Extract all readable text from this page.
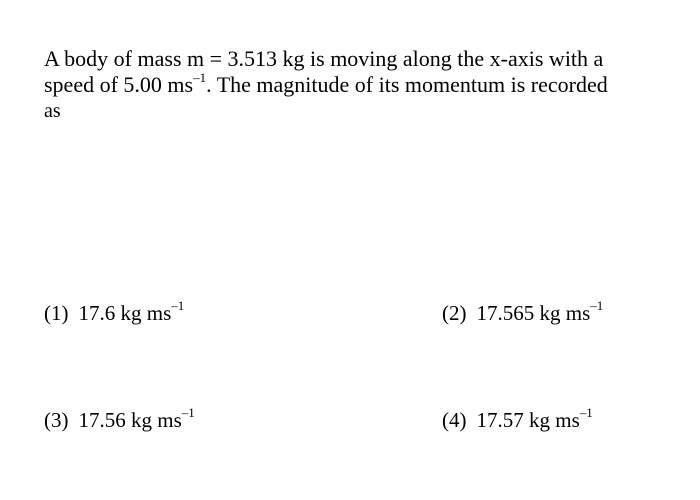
A body of mass m = 3.513 kg is moving along the x-axis with a
speed of 5.00 $ms^{-1}$. The magnitude of its momentum is recorded
as
(1) 17.6 kg $ms^{-1}$	(2) 17.565 kg $ms^{-1}$
(3) 17.56 kg $ms^{-1}$	(4) 17.57 kg $ms^{-1}$
